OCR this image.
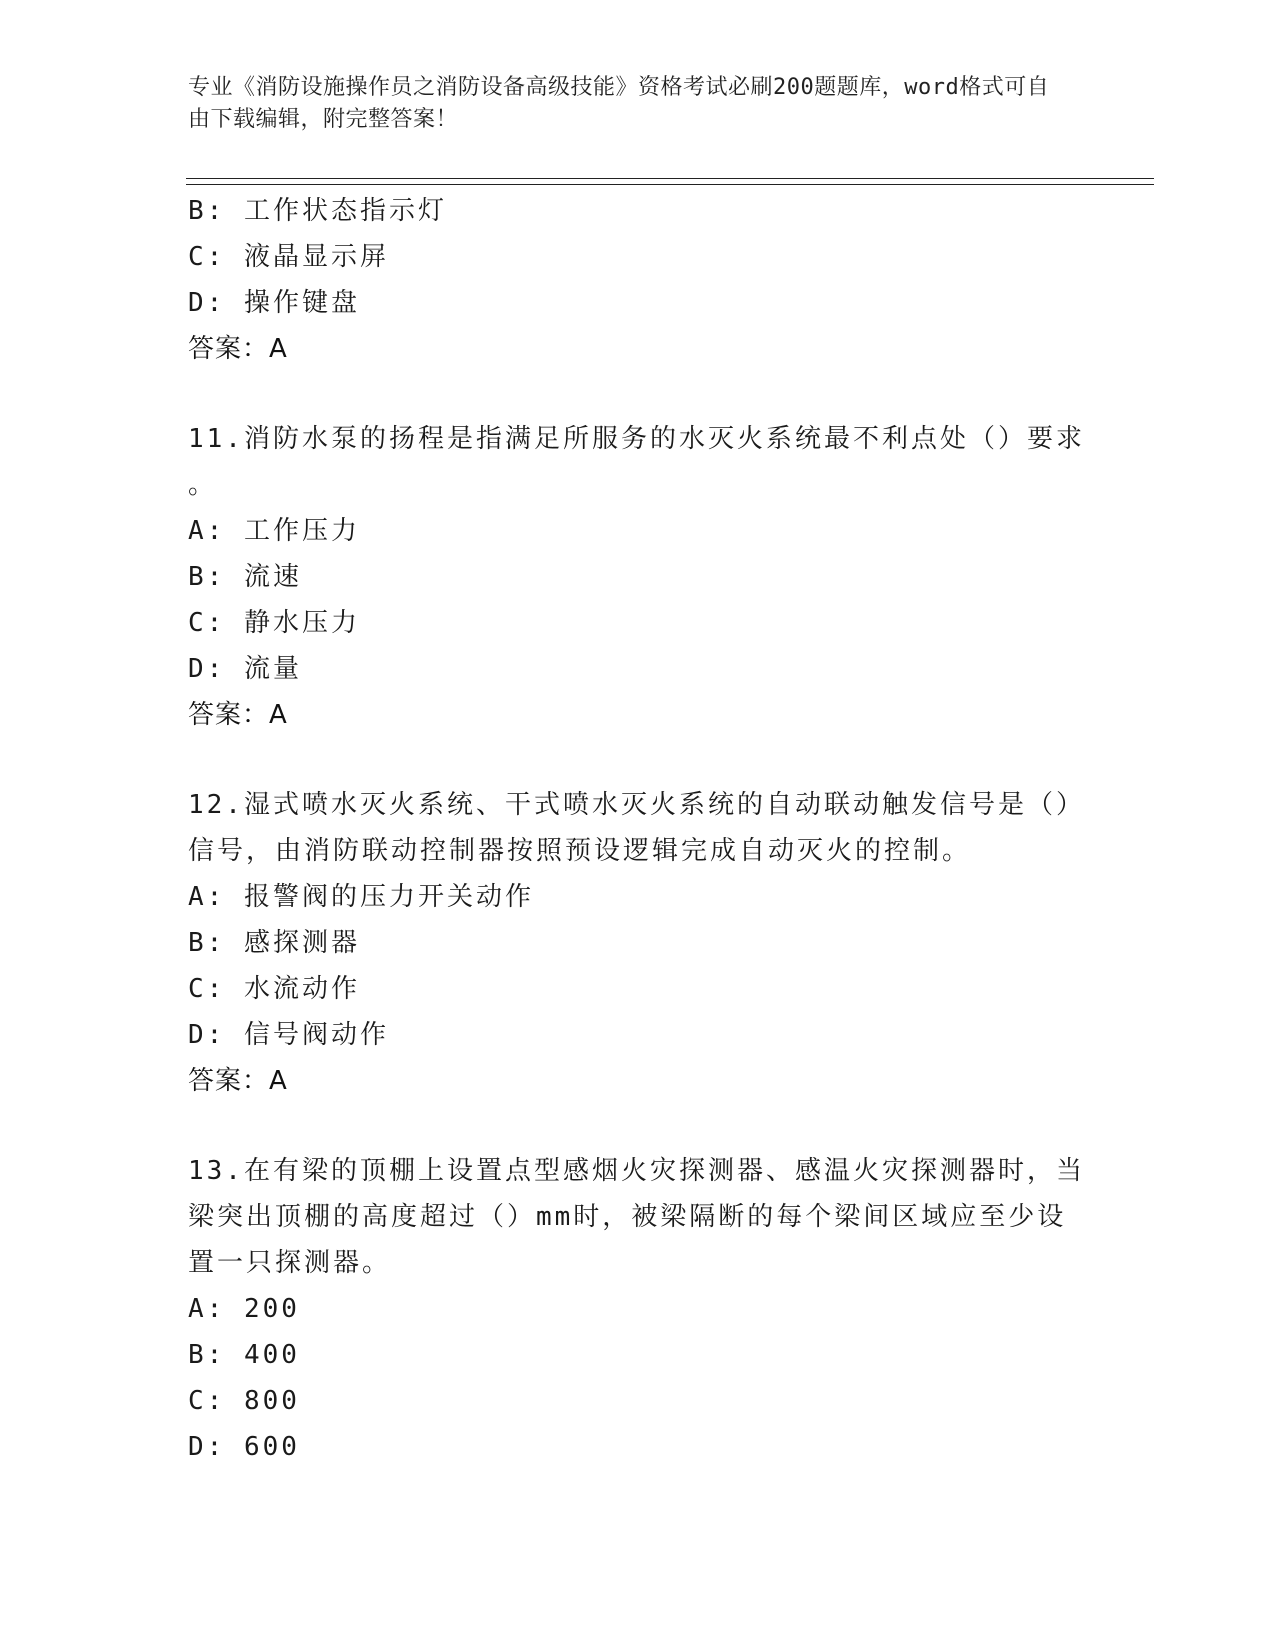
专业《消防设施操作员之消防设备高级技能》资格考试必刷200题题库，word格式可自由下载编辑，附完整答案！
B: 工作状态指示灯
C: 液晶显示屏
D: 操作键盘
答案：A
11.消防水泵的扬程是指满足所服务的水灭火系统最不利点处（）要求
。
A: 工作压力
B: 流速
C: 静水压力
D: 流量
答案：A
12.湿式喷水灭火系统、干式喷水灭火系统的自动联动触发信号是（）
信号，由消防联动控制器按照预设逻辑完成自动灭火的控制。
A: 报警阀的压力开关动作
B: 感探测器
C: 水流动作
D: 信号阀动作
答案：A
13.在有梁的顶棚上设置点型感烟火灾探测器、感温火灾探测器时，当
梁突出顶棚的高度超过（）mm时，被梁隔断的每个梁间区域应至少设
置一只探测器。
A: 200
B: 400
C: 800
D: 600
